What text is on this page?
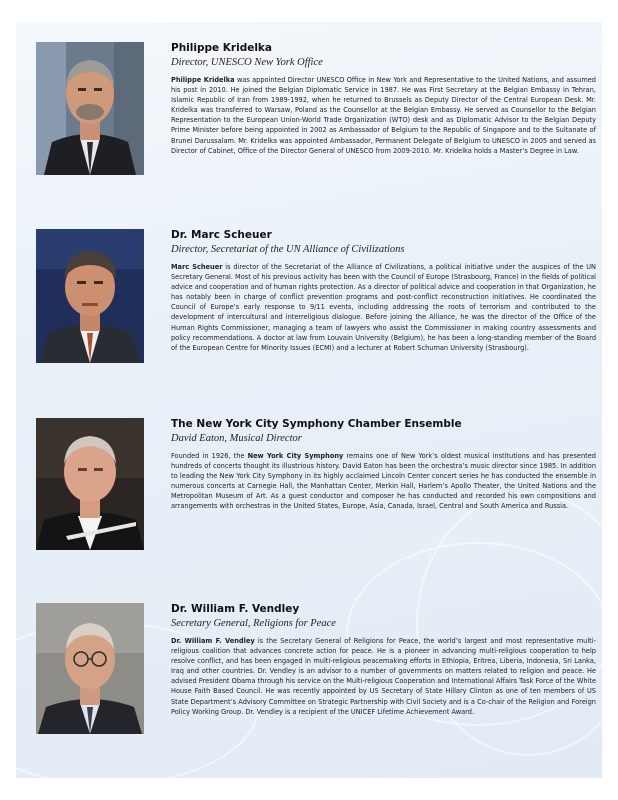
Philippe Kridelka

Director, UNESCO New York Office

Philippe Kridelka was appointed Director UNESCO Office in New York and Representative to the United Nations, and assumed his post in 2010. He joined the Belgian Diplomatic Service in 1987. He was First Secretary at the Belgian Embassy in Tehran, Islamic Republic of Iran from 1989-1992, when he returned to Brussels as Deputy Director of the Central European Desk. Mr. Kridelka was transferred to Warsaw, Poland as the Counsellor at the Belgian Embassy. He served as Counsellor to the Belgian Representation to the European Union-World Trade Organization (WTO) desk and as Diplomatic Advisor to the Belgian Deputy Prime Minister before being appointed in 2002 as Ambassador of Belgium to the Republic of Singapore and to the Sultanate of Brunei Darussalam. Mr. Kridelka was appointed Ambassador, Permanent Delegate of Belgium to UNESCO in 2005 and served as Director of Cabinet, Office of the Director General of UNESCO from 2009-2010. Mr. Kridelka holds a Master’s Degree in Law.

Dr. Marc Scheuer

Director, Secretariat of the UN Alliance of Civilizations

Marc Scheuer is director of the Secretariat of the Alliance of Civilizations, a political initiative under the auspices of the UN Secretary General. Most of his previous activity has been with the Council of Europe (Strasbourg, France) in the fields of political advice and cooperation and of human rights protection. As a director of political advice and cooperation in that Organization, he has notably been in charge of conflict prevention programs and post-conflict reconstruction initiatives. He coordinated the Council of Europe’s early response to 9/11 events, including addressing the roots of terrorism and contributed to the development of intercultural and interreligious dialogue. Before joining the Alliance, he was the director of the Office of the Human Rights Commissioner, managing a team of lawyers who assist the Commissioner in making country assessments and policy recommendations. A doctor at law from Louvain University (Belgium), he has been a long-standing member of the Board of the European Centre for Minority Issues (ECMI) and a lecturer at Robert Schuman University (Strasbourg).

The New York City Symphony Chamber Ensemble

David Eaton, Musical Director

Founded in 1926, the New York City Symphony remains one of New York’s oldest musical institutions and has presented hundreds of concerts thought its illustrious history. David Eaton has been the orchestra’s music director since 1985. In addition to leading the New York City Symphony in its highly acclaimed Lincoln Center concert series he has conducted the ensemble in numerous concerts at Carnegie Hall, the Manhattan Center, Merkin Hall, Harlem’s Apollo Theater, the United Nations and the Metropolitan Museum of Art. As a guest conductor and composer he has conducted and recorded his own compositions and arrangements with orchestras in the United States, Europe, Asia, Canada, Israel, Central and South America and Russia.

Dr. William F. Vendley

Secretary General, Religions for Peace

Dr. William F. Vendley is the Secretary General of Religions for Peace, the world’s largest and most representative multi-religious coalition that advances concrete action for peace. He is a pioneer in advancing multi-religious cooperation to help resolve conflict, and has been engaged in multi-religious peacemaking efforts in Ethiopia, Eritrea, Liberia, Indonesia, Sri Lanka, Iraq and other countries. Dr. Vendley is an advisor to a number of governments on matters related to religion and peace. He advised President Obama through his service on the Multi-religious Cooperation and International Affairs Task Force of the White House Faith Based Council. He was recently appointed by US Secretary of State Hillary Clinton as one of ten members of US State Department’s Advisory Committee on Strategic Partnership with Civil Society and is a Co-chair of the Religion and Foreign Policy Working Group. Dr. Vendley is a recipient of the UNICEF Lifetime Achievement Award.
